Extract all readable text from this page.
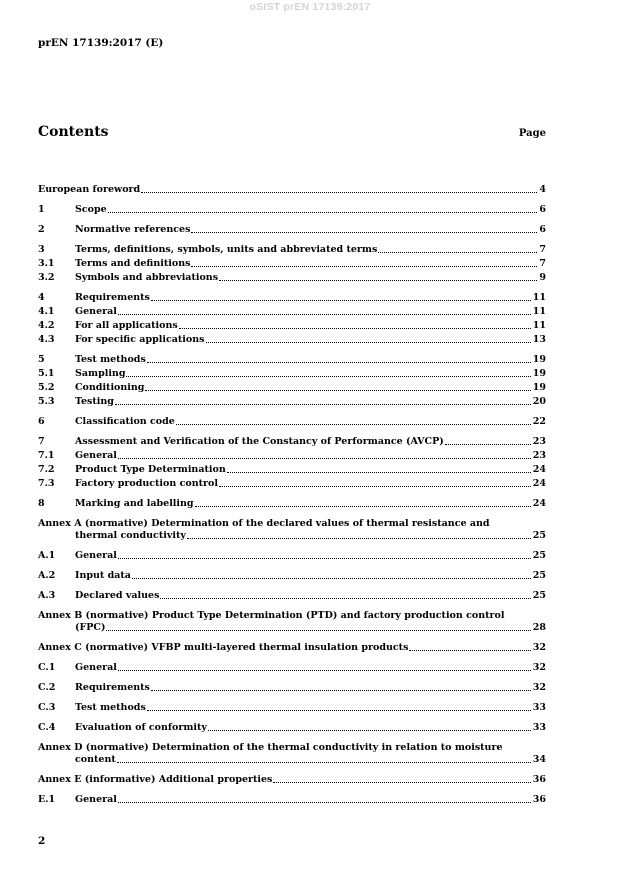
oSIST prEN 17139:2017
prEN 17139:2017 (E)
Contents	Page
European foreword	4
1	Scope	6
2	Normative references	6
3	Terms, definitions, symbols, units and abbreviated terms	7
3.1	Terms and definitions	7
3.2	Symbols and abbreviations	9
4	Requirements	11
4.1	General	11
4.2	For all applications	11
4.3	For specific applications	13
5	Test methods	19
5.1	Sampling	19
5.2	Conditioning	19
5.3	Testing	20
6	Classification code	22
7	Assessment and Verification of the Constancy of Performance (AVCP)	23
7.1	General	23
7.2	Product Type Determination	24
7.3	Factory production control	24
8	Marking and labelling	24
Annex A (normative) Determination of the declared values of thermal resistance and
thermal conductivity	25
A.1	General	25
A.2	Input data	25
A.3	Declared values	25
Annex B (normative) Product Type Determination (PTD) and factory production control
(FPC)	28
Annex C (normative) VFBP multi-layered thermal insulation products	32
C.1	General	32
C.2	Requirements	32
C.3	Test methods	33
C.4	Evaluation of conformity	33
Annex D (normative) Determination of the thermal conductivity in relation to moisture
content	34
Annex E (informative) Additional properties	36
E.1	General	36
2
